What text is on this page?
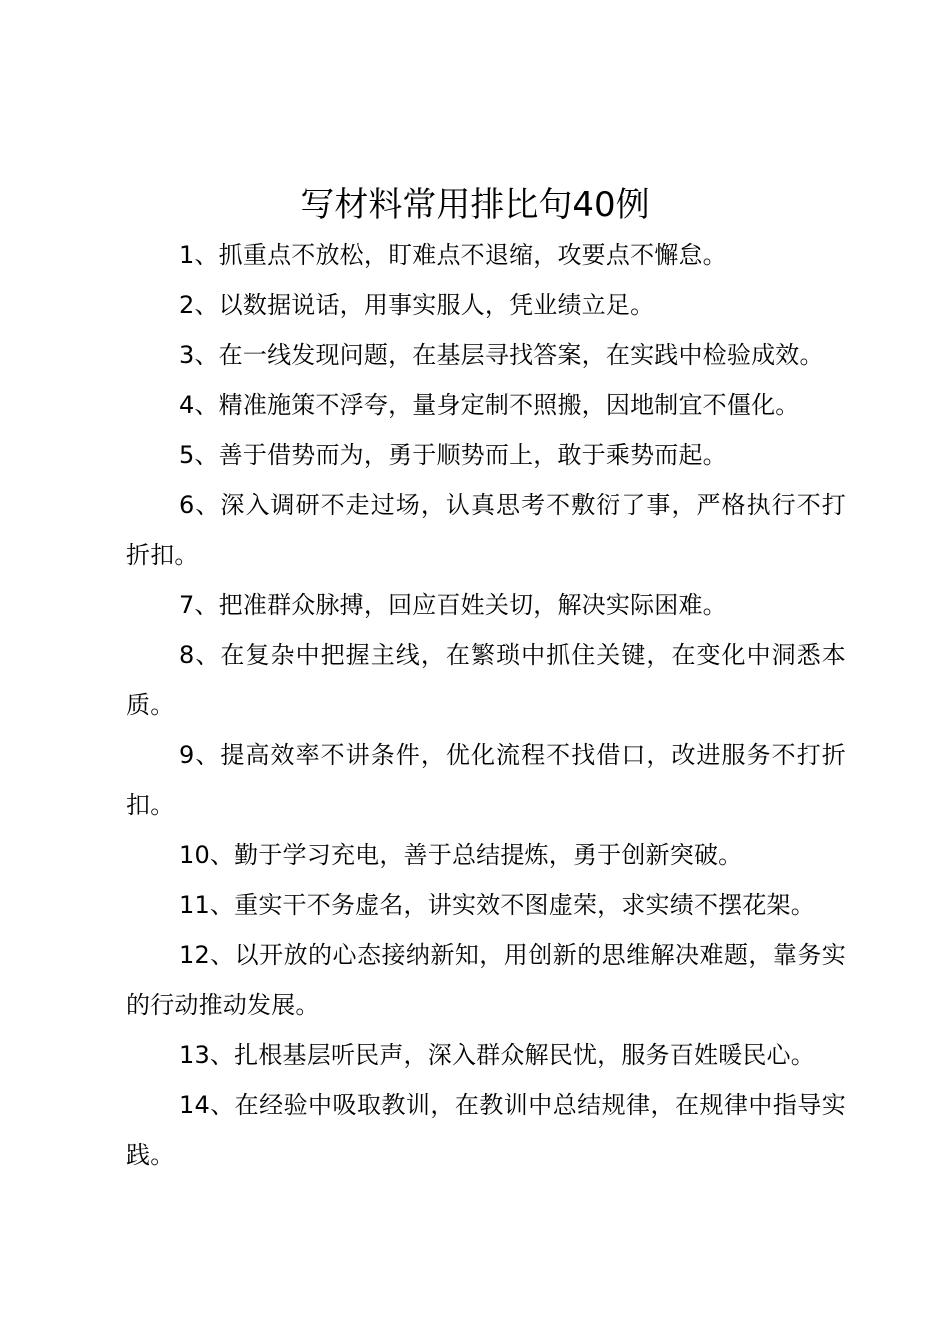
写材料常用排比句40例

1、抓重点不放松，盯难点不退缩，攻要点不懈怠。

2、以数据说话，用事实服人，凭业绩立足。

3、在一线发现问题，在基层寻找答案，在实践中检验成效。

4、精准施策不浮夸，量身定制不照搬，因地制宜不僵化。

5、善于借势而为，勇于顺势而上，敢于乘势而起。

6、深入调研不走过场，认真思考不敷衍了事，严格执行不打折扣。

7、把准群众脉搏，回应百姓关切，解决实际困难。

8、在复杂中把握主线，在繁琐中抓住关键，在变化中洞悉本质。

9、提高效率不讲条件，优化流程不找借口，改进服务不打折扣。

10、勤于学习充电，善于总结提炼，勇于创新突破。

11、重实干不务虚名，讲实效不图虚荣，求实绩不摆花架。

12、以开放的心态接纳新知，用创新的思维解决难题，靠务实的行动推动发展。

13、扎根基层听民声，深入群众解民忧，服务百姓暖民心。

14、在经验中吸取教训，在教训中总结规律，在规律中指导实践。
